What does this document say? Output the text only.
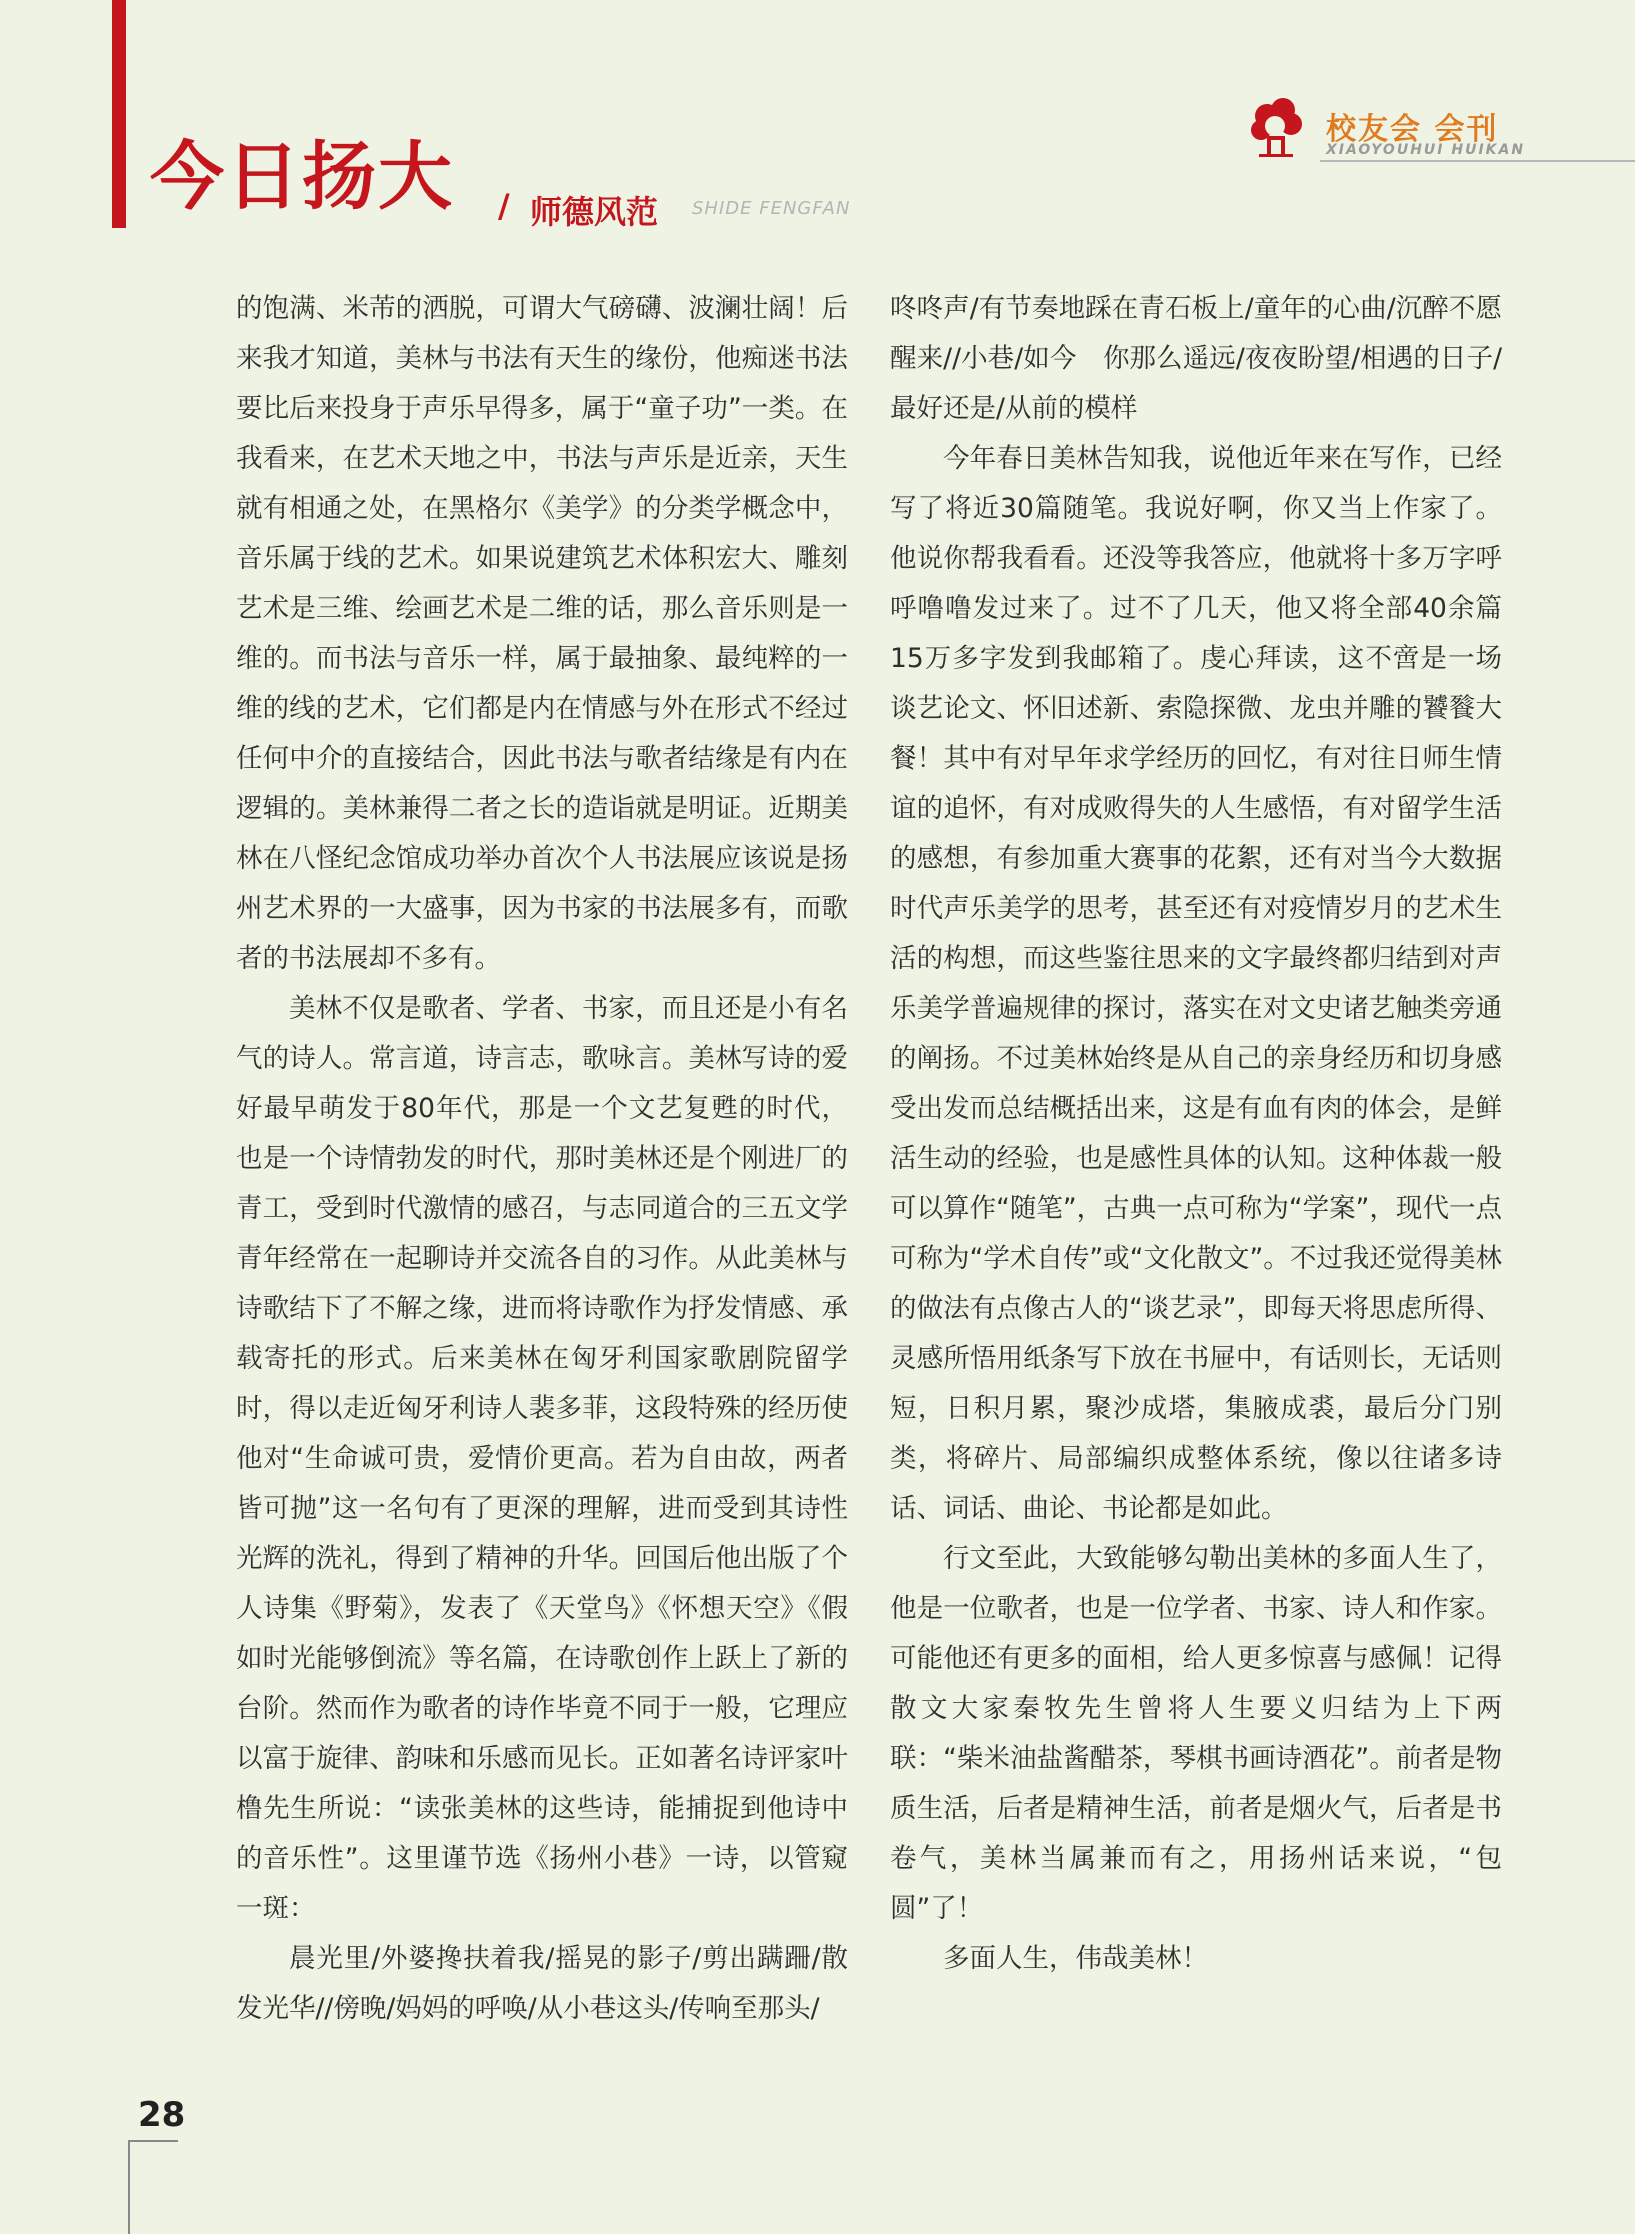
今日扬大 / 师德风范 SHIDE FENGFAN
校友会 会刊
XIAOYOUHUI HUIKAN

的饱满、米芾的洒脱，可谓大气磅礴、波澜壮阔！后来我才知道，美林与书法有天生的缘份，他痴迷书法要比后来投身于声乐早得多，属于“童子功”一类。在我看来，在艺术天地之中，书法与声乐是近亲，天生就有相通之处，在黑格尔《美学》的分类学概念中，音乐属于线的艺术。如果说建筑艺术体积宏大、雕刻艺术是三维、绘画艺术是二维的话，那么音乐则是一维的。而书法与音乐一样，属于最抽象、最纯粹的一维的线的艺术，它们都是内在情感与外在形式不经过任何中介的直接结合，因此书法与歌者结缘是有内在逻辑的。美林兼得二者之长的造诣就是明证。近期美林在八怪纪念馆成功举办首次个人书法展应该说是扬州艺术界的一大盛事，因为书家的书法展多有，而歌者的书法展却不多有。

美林不仅是歌者、学者、书家，而且还是小有名气的诗人。常言道，诗言志，歌咏言。美林写诗的爱好最早萌发于80年代，那是一个文艺复甦的时代，也是一个诗情勃发的时代，那时美林还是个刚进厂的青工，受到时代激情的感召，与志同道合的三五文学青年经常在一起聊诗并交流各自的习作。从此美林与诗歌结下了不解之缘，进而将诗歌作为抒发情感、承载寄托的形式。后来美林在匈牙利国家歌剧院留学时，得以走近匈牙利诗人裴多菲，这段特殊的经历使他对“生命诚可贵，爱情价更高。若为自由故，两者皆可抛”这一名句有了更深的理解，进而受到其诗性光辉的洗礼，得到了精神的升华。回国后他出版了个人诗集《野菊》，发表了《天堂鸟》《怀想天空》《假如时光能够倒流》等名篇，在诗歌创作上跃上了新的台阶。然而作为歌者的诗作毕竟不同于一般，它理应以富于旋律、韵味和乐感而见长。正如著名诗评家叶橹先生所说：“读张美林的这些诗，能捕捉到他诗中的音乐性”。这里谨节选《扬州小巷》一诗，以管窥一斑：

晨光里/外婆搀扶着我/摇晃的影子/剪出蹒跚/散发光华//傍晚/妈妈的呼唤/从小巷这头/传响至那头/

咚咚声/有节奏地踩在青石板上/童年的心曲/沉醉不愿醒来//小巷/如今　你那么遥远/夜夜盼望/相遇的日子/最好还是/从前的模样

今年春日美林告知我，说他近年来在写作，已经写了将近30篇随笔。我说好啊，你又当上作家了。他说你帮我看看。还没等我答应，他就将十多万字呼呼噜噜发过来了。过不了几天，他又将全部40余篇15万多字发到我邮箱了。虔心拜读，这不啻是一场谈艺论文、怀旧述新、索隐探微、龙虫并雕的饕餮大餐！其中有对早年求学经历的回忆，有对往日师生情谊的追怀，有对成败得失的人生感悟，有对留学生活的感想，有参加重大赛事的花絮，还有对当今大数据时代声乐美学的思考，甚至还有对疫情岁月的艺术生活的构想，而这些鉴往思来的文字最终都归结到对声乐美学普遍规律的探讨，落实在对文史诸艺触类旁通的阐扬。不过美林始终是从自己的亲身经历和切身感受出发而总结概括出来，这是有血有肉的体会，是鲜活生动的经验，也是感性具体的认知。这种体裁一般可以算作“随笔”，古典一点可称为“学案”，现代一点可称为“学术自传”或“文化散文”。不过我还觉得美林的做法有点像古人的“谈艺录”，即每天将思虑所得、灵感所悟用纸条写下放在书屉中，有话则长，无话则短，日积月累，聚沙成塔，集腋成裘，最后分门别类，将碎片、局部编织成整体系统，像以往诸多诗话、词话、曲论、书论都是如此。

行文至此，大致能够勾勒出美林的多面人生了，他是一位歌者，也是一位学者、书家、诗人和作家。可能他还有更多的面相，给人更多惊喜与感佩！记得散文大家秦牧先生曾将人生要义归结为上下两联：“柴米油盐酱醋茶，琴棋书画诗酒花”。前者是物质生活，后者是精神生活，前者是烟火气，后者是书卷气，美林当属兼而有之，用扬州话来说，“包圆”了！

多面人生，伟哉美林！

28
